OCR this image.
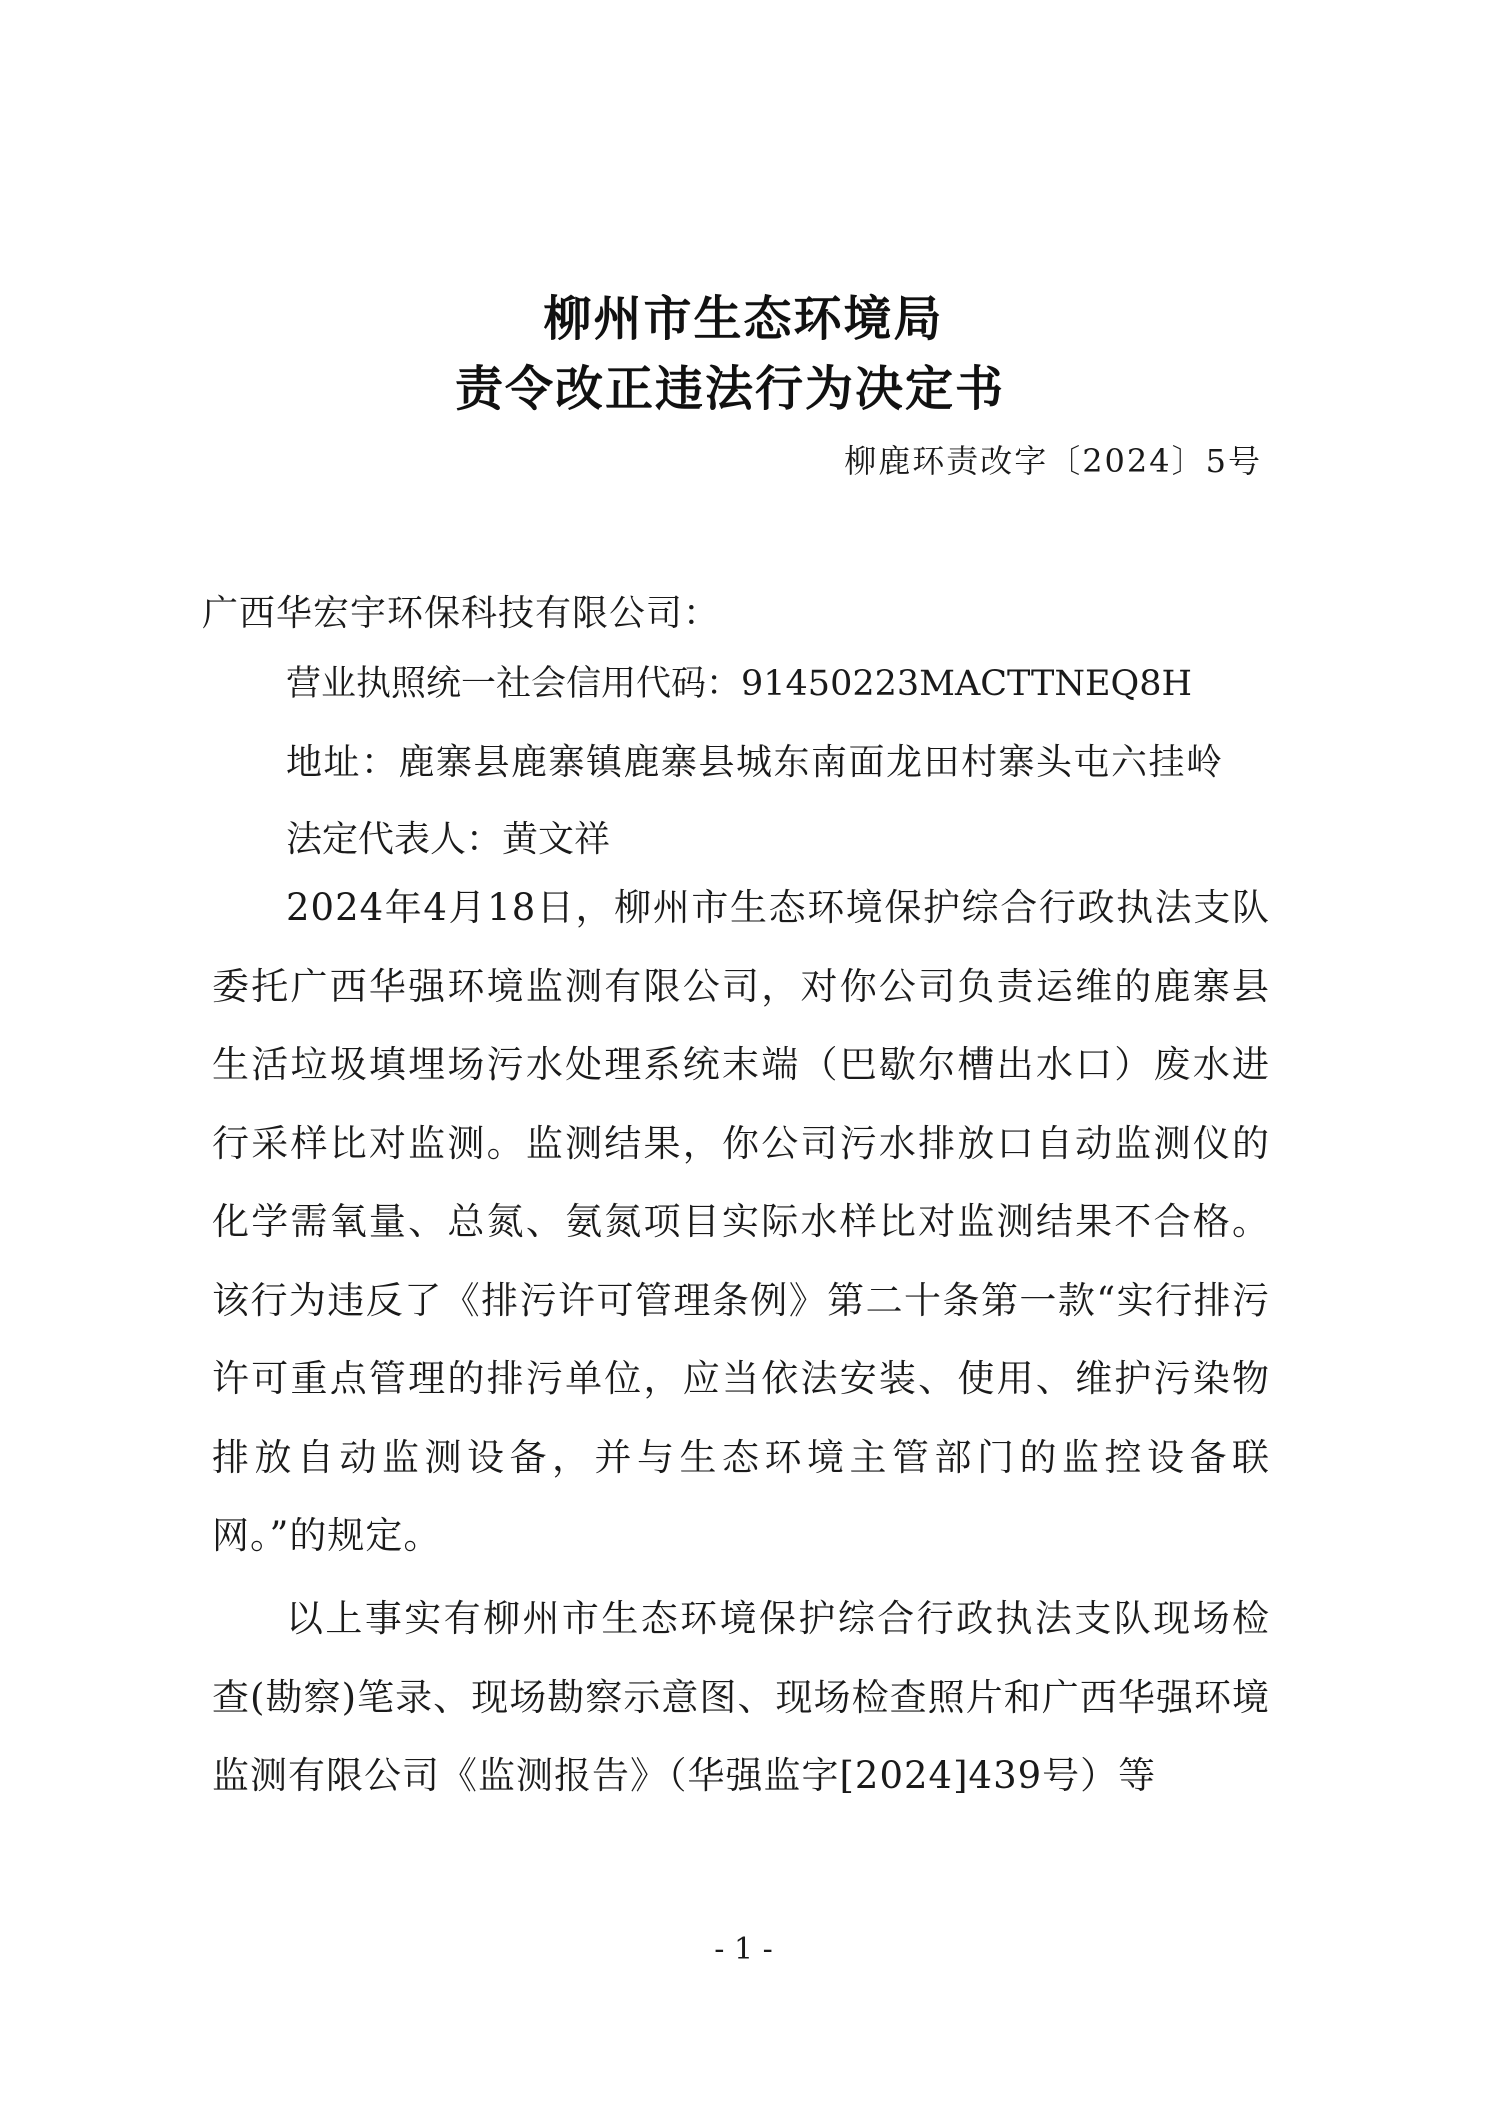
柳州市生态环境局
责令改正违法行为决定书
柳鹿环责改字〔2024〕5号
广西华宏宇环保科技有限公司：
营业执照统一社会信用代码：91450223MACTTNEQ8H
地址：鹿寨县鹿寨镇鹿寨县城东南面龙田村寨头屯六挂岭
法定代表人：黄文祥

2024年4月18日，柳州市生态环境保护综合行政执法支队委托广西华强环境监测有限公司，对你公司负责运维的鹿寨县生活垃圾填埋场污水处理系统末端（巴歇尔槽出水口）废水进行采样比对监测。监测结果，你公司污水排放口自动监测仪的化学需氧量、总氮、氨氮项目实际水样比对监测结果不合格。该行为违反了《排污许可管理条例》第二十条第一款“实行排污许可重点管理的排污单位，应当依法安装、使用、维护污染物排放自动监测设备，并与生态环境主管部门的监控设备联网。”的规定。

以上事实有柳州市生态环境保护综合行政执法支队现场检查(勘察)笔录、现场勘察示意图、现场检查照片和广西华强环境监测有限公司《监测报告》（华强监字[2024]439号）等

- 1 -
